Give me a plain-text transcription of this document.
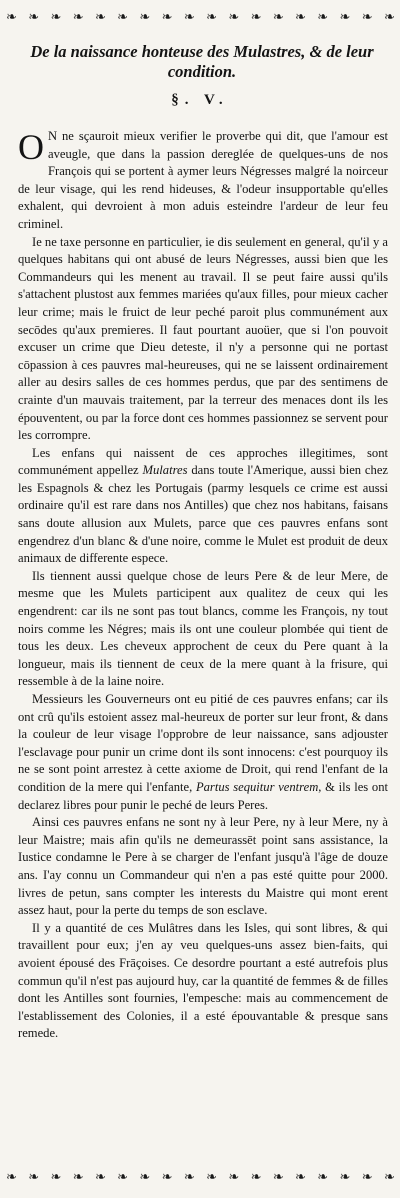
❧ ❧ ❧ ❧ ❧ ❧ ❧ ❧ ❧ ❧ ❧ ❧ ❧ ❧ ❧ ❧ ❧ ❧
De la naissance honteuse des Mulastres, & de leur condition.
§. V.

O N ne sçauroit mieux verifier le proverbe qui dit, que l'amour est aveugle, que dans la passion dereglée de quelques-uns de nos François qui se portent à aymer leurs Négresses malgré la noirceur de leur visage, qui les rend hideuses, & l'odeur insupportable qu'elles exhalent, qui devroient à mon aduis esteindre l'ardeur de leur feu criminel.

Ie ne taxe personne en particulier, ie dis seulement en general, qu'il y a quelques habitans qui ont abusé de leurs Négresses, aussi bien que les Commandeurs qui les menent au travail. Il se peut faire aussi qu'ils s'attachent plustost aux femmes mariées qu'aux filles, pour mieux cacher leur crime; mais le fruict de leur peché paroit plus communément aux secōdes qu'aux premieres. Il faut pourtant auoüer, que si l'on pouvoit excuser un crime que Dieu deteste, il n'y a personne qui ne portast cōpassion à ces pauvres mal-heureuses, qui ne se laissent ordinairement aller au desirs salles de ces hommes perdus, que par des sentimens de crainte d'un mauvais traitement, par la terreur des menaces dont ils les épouventent, ou par la force dont ces hommes passionnez se servent pour les corrompre.

Les enfans qui naissent de ces approches illegitimes, sont communément appellez Mulatres dans toute l'Amerique, aussi bien chez les Espagnols & chez les Portugais (parmy lesquels ce crime est aussi ordinaire qu'il est rare dans nos Antilles) que chez nos habitans, faisans sans doute allusion aux Mulets, parce que ces pauvres enfans sont engendrez d'un blanc & d'une noire, comme le Mulet est produit de deux animaux de differente espece.

Ils tiennent aussi quelque chose de leurs Pere & de leur Mere, de mesme que les Mulets participent aux qualitez de ceux qui les engendrent: car ils ne sont pas tout blancs, comme les François, ny tout noirs comme les Négres; mais ils ont une couleur plombée qui tient de tous les deux. Les cheveux approchent de ceux du Pere quant à la longueur, mais ils tiennent de ceux de la mere quant à la frisure, qui ressemble à de la laine noire.

Messieurs les Gouverneurs ont eu pitié de ces pauvres enfans; car ils ont crû qu'ils estoient assez mal-heureux de porter sur leur front, & dans la couleur de leur visage l'opprobre de leur naissance, sans adjouster l'esclavage pour punir un crime dont ils sont innocens: c'est pourquoy ils ne se sont point arrestez à cette axiome de Droit, qui rend l'enfant de la condition de la mere qui l'enfante, Partus sequitur ventrem, & ils les ont declarez libres pour punir le peché de leurs Peres.

Ainsi ces pauvres enfans ne sont ny à leur Pere, ny à leur Mere, ny à leur Maistre; mais afin qu'ils ne demeurassēt point sans assistance, la Iustice condamne le Pere à se charger de l'enfant jusqu'à l'âge de douze ans. I'ay connu un Commandeur qui n'en a pas esté quitte pour 2000. livres de petun, sans compter les interests du Maistre qui mont erent assez haut, pour la perte du temps de son esclave.

Il y a quantité de ces Mulâtres dans les Isles, qui sont libres, & qui travaillent pour eux; j'en ay veu quelques-uns assez bien-faits, qui avoient épousé des Frāçoises. Ce desordre pourtant a esté autrefois plus commun qu'il n'est pas aujourd huy, car la quantité de femmes & de filles dont les Antilles sont fournies, l'empesche: mais au commencement de l'establissement des Colonies, il a esté épouvantable & presque sans remede.

❧ ❧ ❧ ❧ ❧ ❧ ❧ ❧ ❧ ❧ ❧ ❧ ❧ ❧ ❧ ❧ ❧ ❧
